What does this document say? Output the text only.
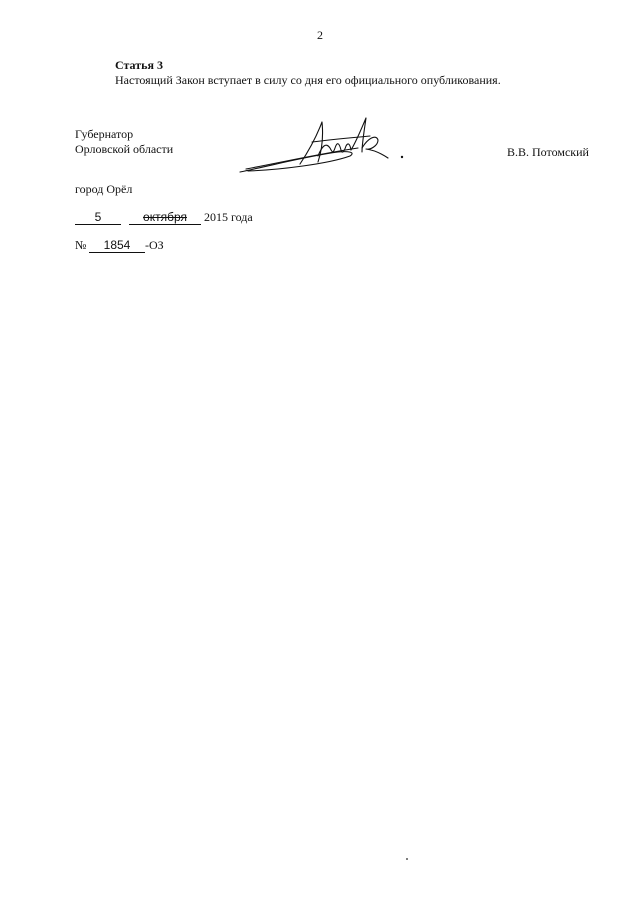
2
Статья 3
Настоящий Закон вступает в силу со дня его официального опубликования.
Губернатор
Орловской области	В.В. Потомский
город Орёл
5	октября 2015 года
№ 1854 -ОЗ
